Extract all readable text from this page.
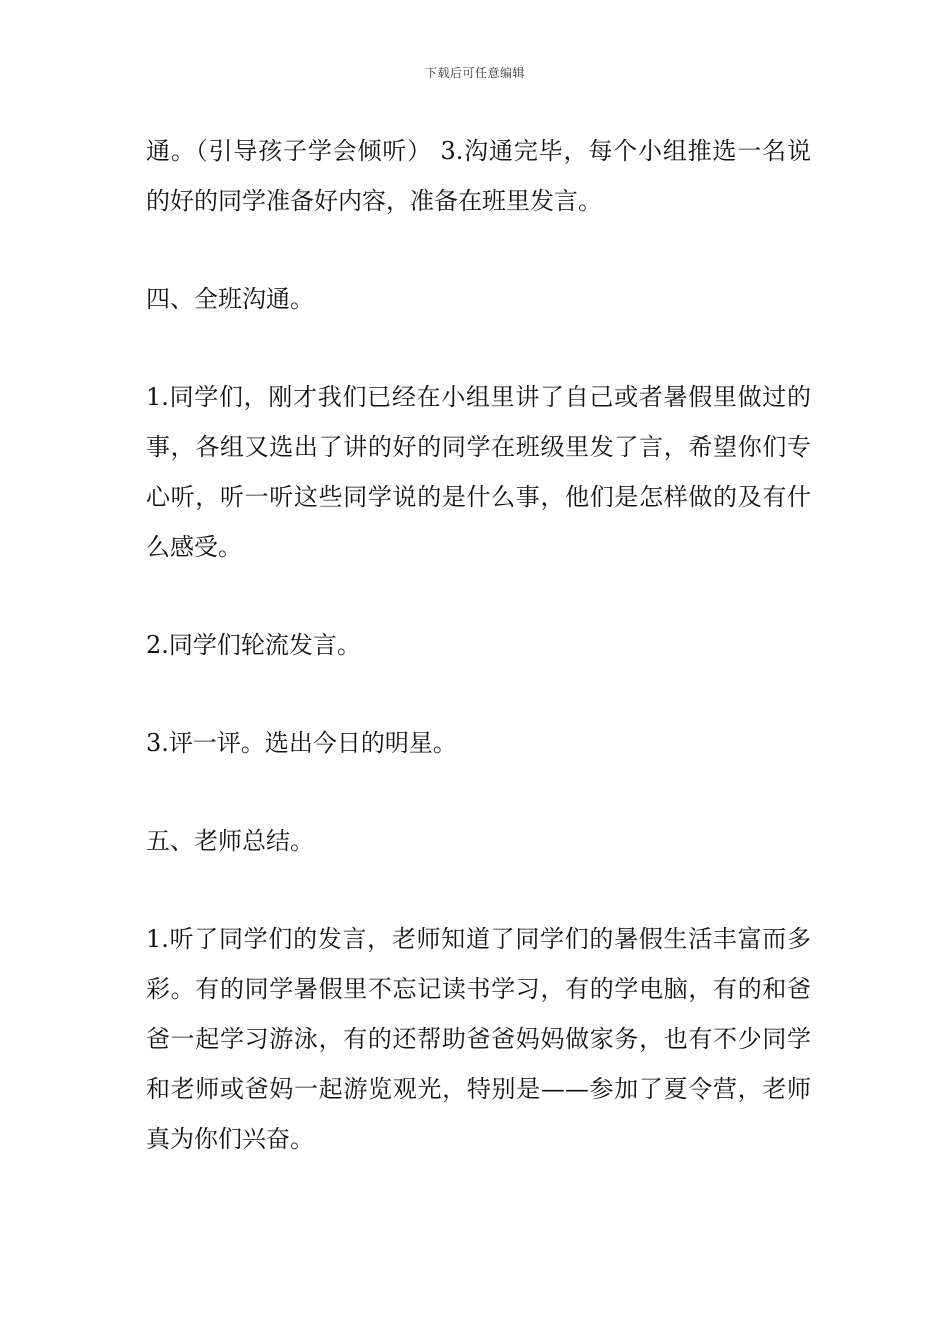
下载后可任意编辑

通。（引导孩子学会倾听） 3.沟通完毕，每个小组推选一名说的好的同学准备好内容，准备在班里发言。

四、全班沟通。

1.同学们，刚才我们已经在小组里讲了自己或者暑假里做过的事，各组又选出了讲的好的同学在班级里发了言，希望你们专心听，听一听这些同学说的是什么事，他们是怎样做的及有什么感受。

2.同学们轮流发言。

3.评一评。选出今日的明星。

五、老师总结。

1.听了同学们的发言，老师知道了同学们的暑假生活丰富而多彩。有的同学暑假里不忘记读书学习，有的学电脑，有的和爸爸一起学习游泳，有的还帮助爸爸妈妈做家务，也有不少同学和老师或爸妈一起游览观光，特别是——参加了夏令营，老师真为你们兴奋。
